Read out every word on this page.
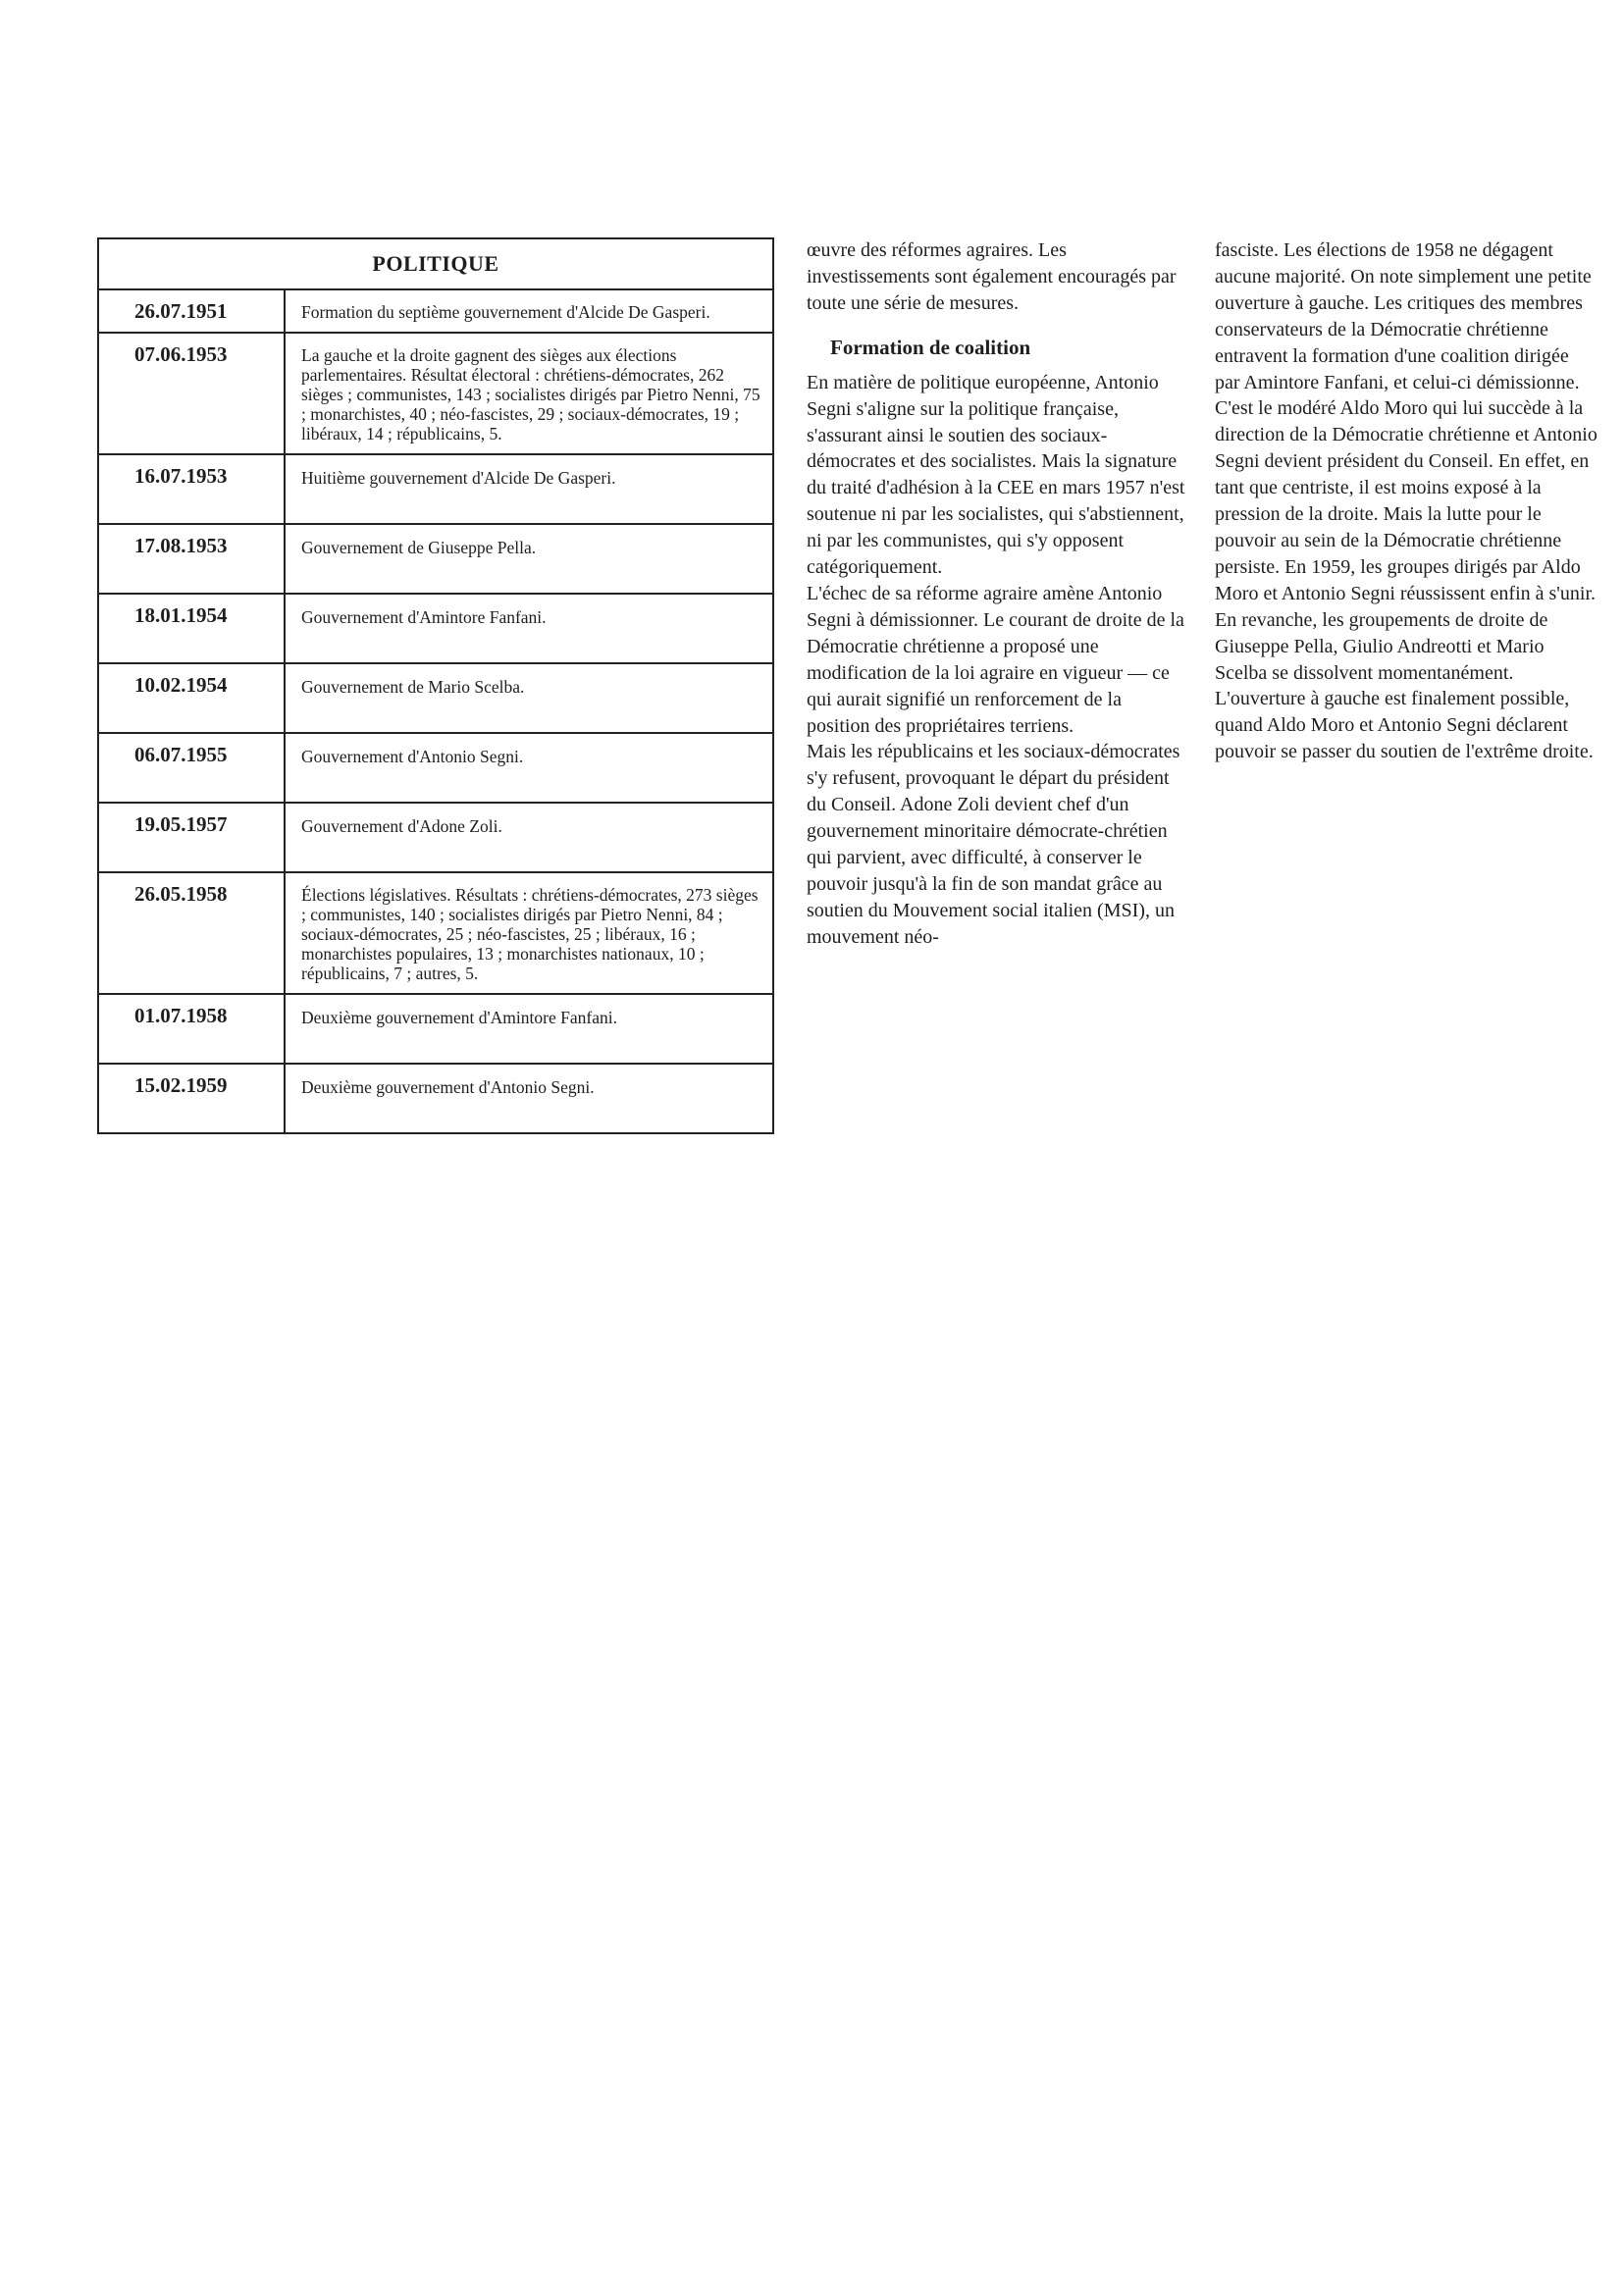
POLITIQUE	
26.07.1951	Formation du septième gouvernement d'Alcide De Gasperi.
07.06.1953	La gauche et la droite gagnent des sièges aux élections parlementaires. Résultat électoral : chrétiens-démocrates, 262 sièges ; communistes, 143 ; socialistes dirigés par Pietro Nenni, 75 ; monarchistes, 40 ; néo-fascistes, 29 ; sociaux-démocrates, 19 ; libéraux, 14 ; républicains, 5.
16.07.1953	Huitième gouvernement d'Alcide De Gasperi.
17.08.1953	Gouvernement de Giuseppe Pella.
18.01.1954	Gouvernement d'Amintore Fanfani.
10.02.1954	Gouvernement de Mario Scelba.
06.07.1955	Gouvernement d'Antonio Segni.
19.05.1957	Gouvernement d'Adone Zoli.
26.05.1958	Élections législatives. Résultats : chrétiens-démocrates, 273 sièges ; communistes, 140 ; socialistes dirigés par Pietro Nenni, 84 ; sociaux-démocrates, 25 ; néo-fascistes, 25 ; libéraux, 16 ; monarchistes populaires, 13 ; monarchistes nationaux, 10 ; républicains, 7 ; autres, 5.
01.07.1958	Deuxième gouvernement d'Amintore Fanfani.
15.02.1959	Deuxième gouvernement d'Antonio Segni.

œuvre des réformes agraires. Les investissements sont également encouragés par toute une série de mesures.

Formation de coalition

En matière de politique européenne, Antonio Segni s'aligne sur la politique française, s'assurant ainsi le soutien des sociaux-démocrates et des socialistes. Mais la signature du traité d'adhésion à la CEE en mars 1957 n'est soutenue ni par les socialistes, qui s'abstiennent, ni par les communistes, qui s'y opposent catégoriquement.

L'échec de sa réforme agraire amène Antonio Segni à démissionner. Le courant de droite de la Démocratie chrétienne a proposé une modification de la loi agraire en vigueur — ce qui aurait signifié un renforcement de la position des propriétaires terriens.

Mais les républicains et les sociaux-démocrates s'y refusent, provoquant le départ du président du Conseil. Adone Zoli devient chef d'un gouvernement minoritaire démocrate-chrétien qui parvient, avec difficulté, à conserver le pouvoir jusqu'à la fin de son mandat grâce au soutien du Mouvement social italien (MSI), un mouvement néo-

fasciste. Les élections de 1958 ne dégagent aucune majorité. On note simplement une petite ouverture à gauche. Les critiques des membres conservateurs de la Démocratie chrétienne entravent la formation d'une coalition dirigée par Amintore Fanfani, et celui-ci démissionne. C'est le modéré Aldo Moro qui lui succède à la direction de la Démocratie chrétienne et Antonio Segni devient président du Conseil. En effet, en tant que centriste, il est moins exposé à la pression de la droite. Mais la lutte pour le pouvoir au sein de la Démocratie chrétienne persiste. En 1959, les groupes dirigés par Aldo Moro et Antonio Segni réussissent enfin à s'unir. En revanche, les groupements de droite de Giuseppe Pella, Giulio Andreotti et Mario Scelba se dissolvent momentanément.

L'ouverture à gauche est finalement possible, quand Aldo Moro et Antonio Segni déclarent pouvoir se passer du soutien de l'extrême droite.
